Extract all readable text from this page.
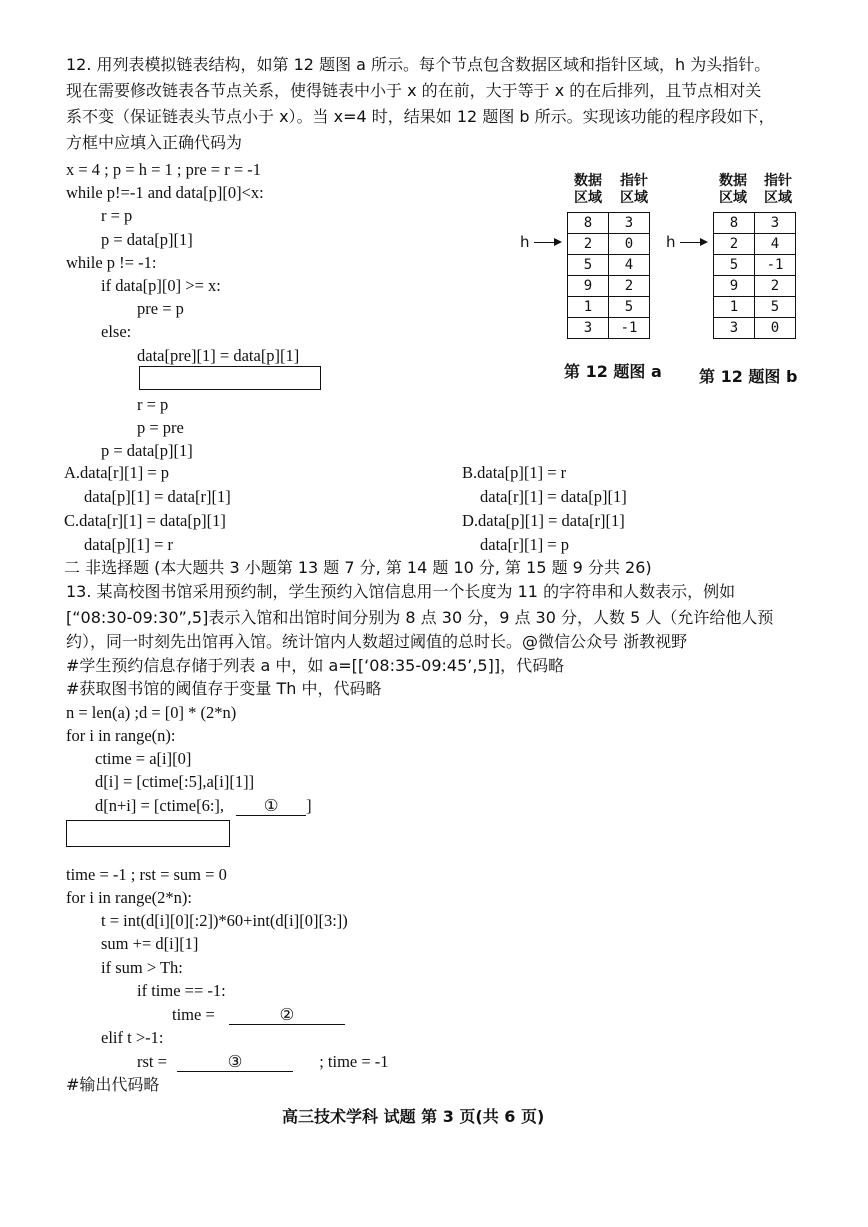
12. 用列表模拟链表结构，如第 12 题图 a 所示。每个节点包含数据区域和指针区域，h 为头指针。
现在需要修改链表各节点关系，使得链表中小于 x 的在前，大于等于 x 的在后排列，且节点相对关
系不变（保证链表头节点小于 x）。当 x=4 时，结果如 12 题图 b 所示。实现该功能的程序段如下，
方框中应填入正确代码为
x = 4 ; p = h = 1 ; pre = r = -1
while p!=-1 and data[p][0]<x:
r = p
p = data[p][1]
while p != -1:
if data[p][0] >= x:
pre = p
else:
data[pre][1] = data[p][1]
r = p
p = pre
p = data[p][1]
数据
区域
指针
区域
h
8	3
2	0
5	4
9	2
1	5
3	-1
第 12 题图 a
数据
区域
指针
区域
h
8	3
2	4
5	-1
9	2
1	5
3	0
第 12 题图 b
A.data[r][1] = p
data[p][1] = data[r][1]
B.data[p][1] = r
data[r][1] = data[p][1]
C.data[r][1] = data[p][1]
data[p][1] = r
D.data[p][1] = data[r][1]
data[r][1] = p
二 非选择题 (本大题共 3 小题第 13 题 7 分, 第 14 题 10 分, 第 15 题 9 分共 26)
13. 某高校图书馆采用预约制，学生预约入馆信息用一个长度为 11 的字符串和人数表示，例如
[“08:30-09:30”,5]表示入馆和出馆时间分别为 8 点 30 分，9 点 30 分，人数 5 人（允许给他人预
约），同一时刻先出馆再入馆。统计馆内人数超过阈值的总时长。@微信公众号 浙教视野
#学生预约信息存储于列表 a 中，如 a=[[‘08:35-09:45’,5]]，代码略
#获取图书馆的阈值存于变量 Th 中，代码略
n = len(a) ;d = [0] * (2*n)
for i in range(n):
ctime = a[i][0]
d[i] = [ctime[:5],a[i][1]]
d[n+i] = [ctime[6:], ① ]
time = -1 ; rst = sum = 0
for i in range(2*n):
t = int(d[i][0][:2])*60+int(d[i][0][3:])
sum += d[i][1]
if sum > Th:
if time == -1:
time =	②
elif t >-1:
rst =	③	; time = -1
#输出代码略
高三技术学科 试题 第 3 页(共 6 页)
